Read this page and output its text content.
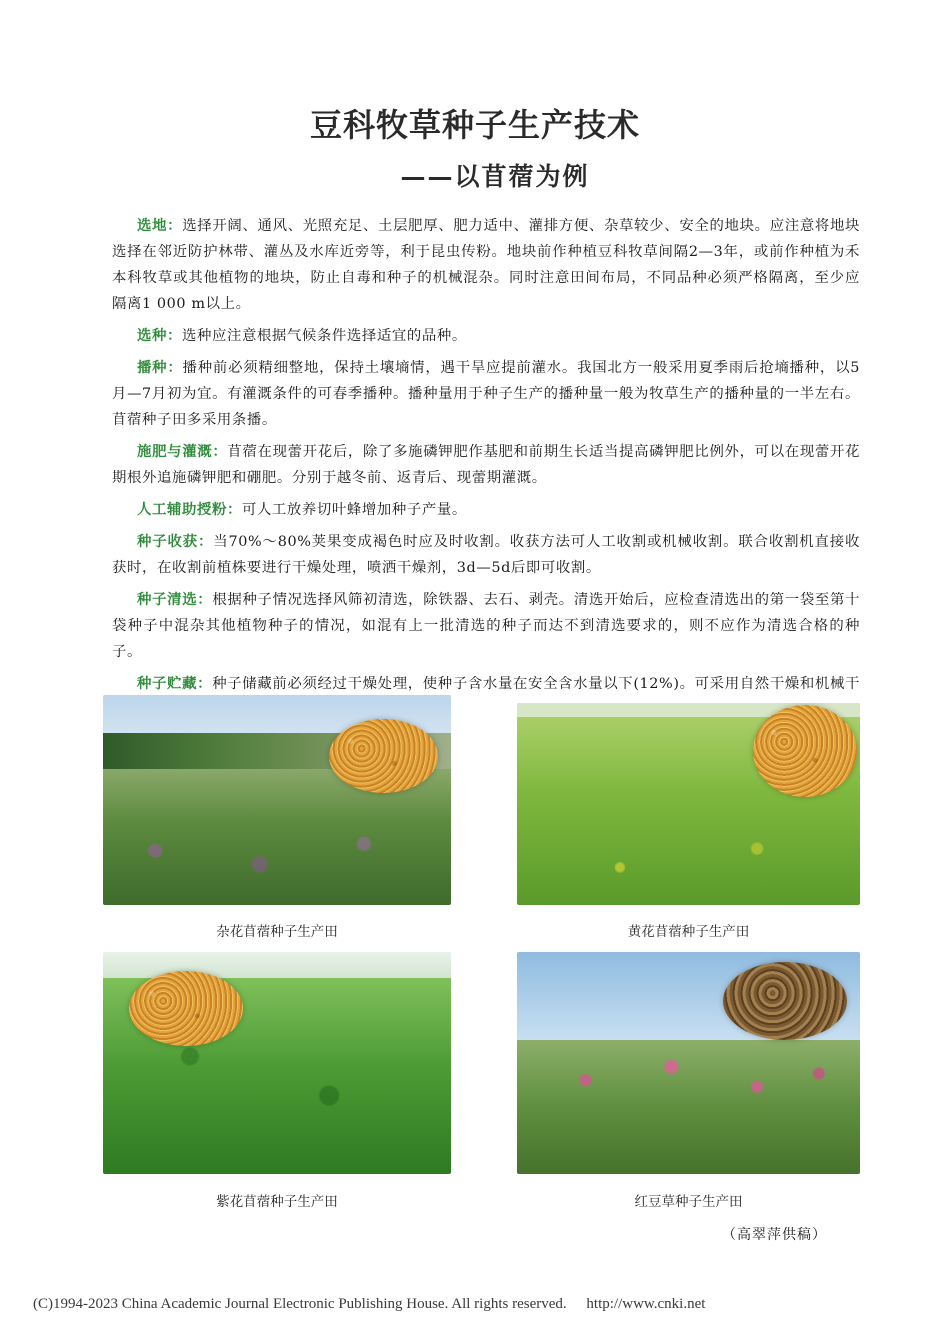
豆科牧草种子生产技术
——以苜蓿为例

选地：选择开阔、通风、光照充足、土层肥厚、肥力适中、灌排方便、杂草较少、安全的地块。应注意将地块选择在邻近防护林带、灌丛及水库近旁等，利于昆虫传粉。地块前作种植豆科牧草间隔2—3年，或前作种植为禾本科牧草或其他植物的地块，防止自毒和种子的机械混杂。同时注意田间布局，不同品种必须严格隔离，至少应隔离1 000 m以上。

选种：选种应注意根据气候条件选择适宜的品种。

播种：播种前必须精细整地，保持土壤墒情，遇干旱应提前灌水。我国北方一般采用夏季雨后抢墒播种，以5月—7月初为宜。有灌溉条件的可春季播种。播种量用于种子生产的播种量一般为牧草生产的播种量的一半左右。苜蓿种子田多采用条播。

施肥与灌溉：苜蓿在现蕾开花后，除了多施磷钾肥作基肥和前期生长适当提高磷钾肥比例外，可以在现蕾开花期根外追施磷钾肥和硼肥。分别于越冬前、返青后、现蕾期灌溉。

人工辅助授粉：可人工放养切叶蜂增加种子产量。

种子收获：当70%～80%荚果变成褐色时应及时收割。收获方法可人工收割或机械收割。联合收割机直接收获时，在收割前植株要进行干燥处理，喷洒干燥剂，3d—5d后即可收割。

种子清选：根据种子情况选择风筛初清选，除铁器、去石、剥壳。清选开始后，应检查清选出的第一袋至第十袋种子中混杂其他植物种子的情况，如混有上一批清选的种子而达不到清选要求的，则不应作为清选合格的种子。

种子贮藏：种子储藏前必须经过干燥处理，使种子含水量在安全含水量以下(12%)。可采用自然干燥和机械干

杂花苜蓿种子生产田	黄花苜蓿种子生产田
紫花苜蓿种子生产田	红豆草种子生产田
（高翠萍供稿）
(C)1994-2023 China Academic Journal Electronic Publishing House. All rights reserved. http://www.cnki.net
